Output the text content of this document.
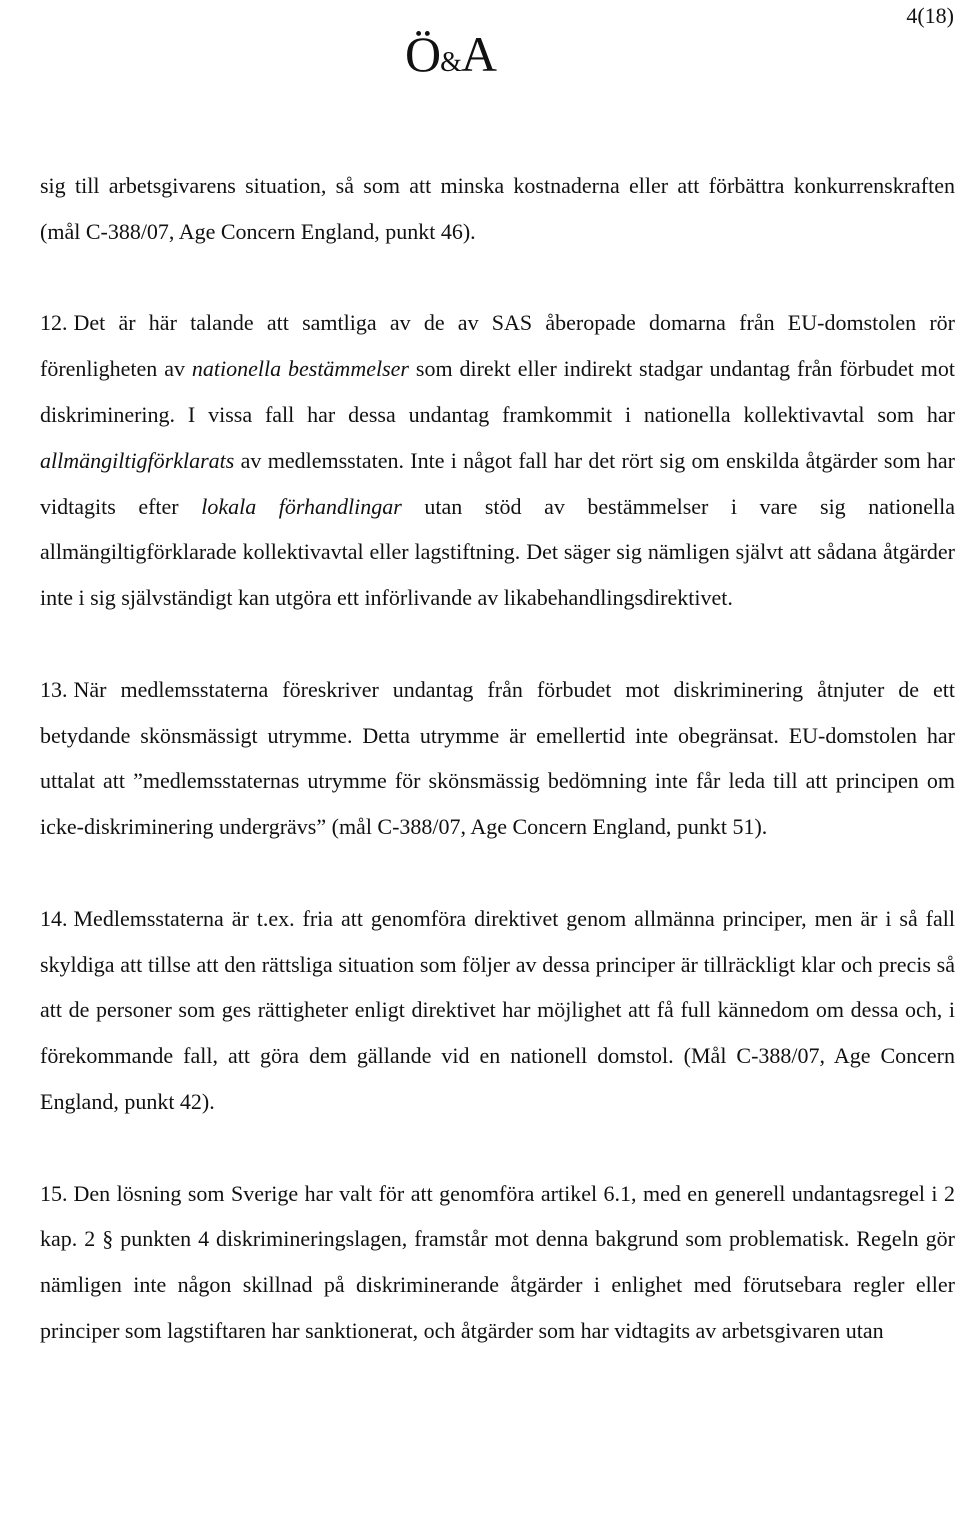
Ö&A
4(18)

sig till arbetsgivarens situation, så som att minska kostnaderna eller att förbättra konkurrenskraften (mål C-388/07, Age Concern England, punkt 46).

12. Det är här talande att samtliga av de av SAS åberopade domarna från EU-domstolen rör förenligheten av nationella bestämmelser som direkt eller indirekt stadgar undantag från förbudet mot diskriminering. I vissa fall har dessa undantag framkommit i nationella kollektivavtal som har allmängiltigförklarats av medlemsstaten. Inte i något fall har det rört sig om enskilda åtgärder som har vidtagits efter lokala förhandlingar utan stöd av bestämmelser i vare sig nationella allmängiltigförklarade kollektivavtal eller lagstiftning. Det säger sig nämligen självt att sådana åtgärder inte i sig självständigt kan utgöra ett införlivande av likabehandlingsdirektivet.

13. När medlemsstaterna föreskriver undantag från förbudet mot diskriminering åtnjuter de ett betydande skönsmässigt utrymme. Detta utrymme är emellertid inte obegränsat. EU-domstolen har uttalat att ”medlemsstaternas utrymme för skönsmässig bedömning inte får leda till att principen om icke-diskriminering undergrävs” (mål C-388/07, Age Concern England, punkt 51).

14. Medlemsstaterna är t.ex. fria att genomföra direktivet genom allmänna principer, men är i så fall skyldiga att tillse att den rättsliga situation som följer av dessa principer är tillräckligt klar och precis så att de personer som ges rättigheter enligt direktivet har möjlighet att få full kännedom om dessa och, i förekommande fall, att göra dem gällande vid en nationell domstol. (Mål C-388/07, Age Concern England, punkt 42).

15. Den lösning som Sverige har valt för att genomföra artikel 6.1, med en generell undantagsregel i 2 kap. 2 § punkten 4 diskrimineringslagen, framstår mot denna bakgrund som problematisk. Regeln gör nämligen inte någon skillnad på diskriminerande åtgärder i enlighet med förutsebara regler eller principer som lagstiftaren har sanktionerat, och åtgärder som har vidtagits av arbetsgivaren utan
